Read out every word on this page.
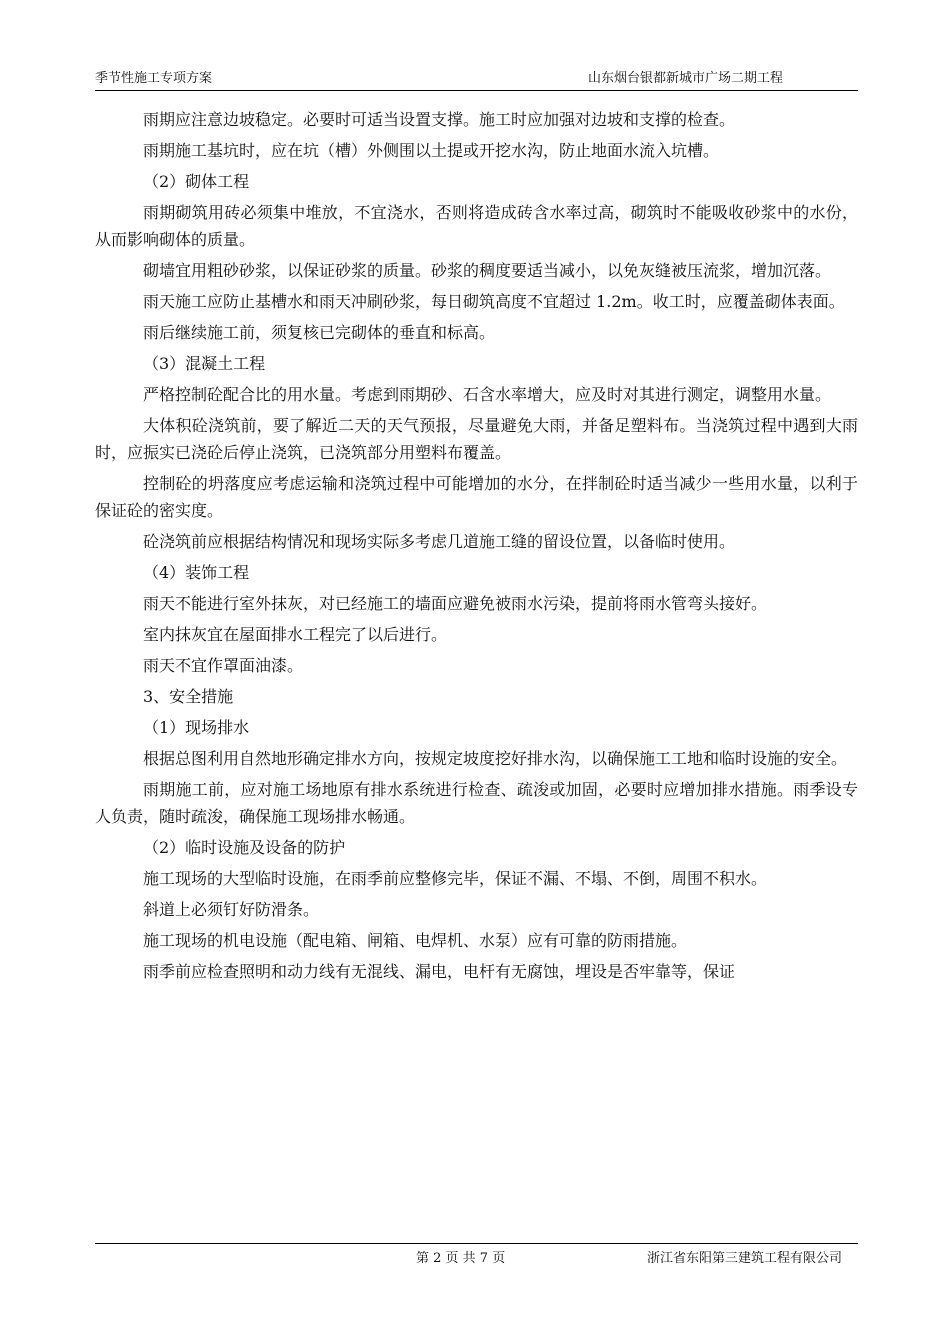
季节性施工专项方案	山东烟台银都新城市广场二期工程

雨期应注意边坡稳定。必要时可适当设置支撑。施工时应加强对边坡和支撑的检查。

雨期施工基坑时，应在坑（槽）外侧围以土提或开挖水沟，防止地面水流入坑槽。

（2）砌体工程

雨期砌筑用砖必须集中堆放，不宜浇水，否则将造成砖含水率过高，砌筑时不能吸收砂浆中的水份，从而影响砌体的质量。

砌墙宜用粗砂砂浆，以保证砂浆的质量。砂浆的稠度要适当减小，以免灰缝被压流浆，增加沉落。

雨天施工应防止基槽水和雨天冲刷砂浆，每日砌筑高度不宜超过 1.2m。收工时，应覆盖砌体表面。

雨后继续施工前，须复核已完砌体的垂直和标高。

（3）混凝土工程

严格控制砼配合比的用水量。考虑到雨期砂、石含水率增大，应及时对其进行测定，调整用水量。

大体积砼浇筑前，要了解近二天的天气预报，尽量避免大雨，并备足塑料布。当浇筑过程中遇到大雨时，应振实已浇砼后停止浇筑，已浇筑部分用塑料布覆盖。

控制砼的坍落度应考虑运输和浇筑过程中可能增加的水分，在拌制砼时适当减少一些用水量，以利于保证砼的密实度。

砼浇筑前应根据结构情况和现场实际多考虑几道施工缝的留设位置，以备临时使用。

（4）装饰工程

雨天不能进行室外抹灰，对已经施工的墙面应避免被雨水污染，提前将雨水管弯头接好。

室内抹灰宜在屋面排水工程完了以后进行。

雨天不宜作罩面油漆。

3、安全措施

（1）现场排水

根据总图利用自然地形确定排水方向，按规定坡度挖好排水沟，以确保施工工地和临时设施的安全。

雨期施工前，应对施工场地原有排水系统进行检查、疏浚或加固，必要时应增加排水措施。雨季设专人负责，随时疏浚，确保施工现场排水畅通。

（2）临时设施及设备的防护

施工现场的大型临时设施，在雨季前应整修完毕，保证不漏、不塌、不倒，周围不积水。

斜道上必须钉好防滑条。

施工现场的机电设施（配电箱、闸箱、电焊机、水泵）应有可靠的防雨措施。

雨季前应检查照明和动力线有无混线、漏电，电杆有无腐蚀，埋设是否牢靠等，保证

第 2 页 共 7 页	浙江省东阳第三建筑工程有限公司
